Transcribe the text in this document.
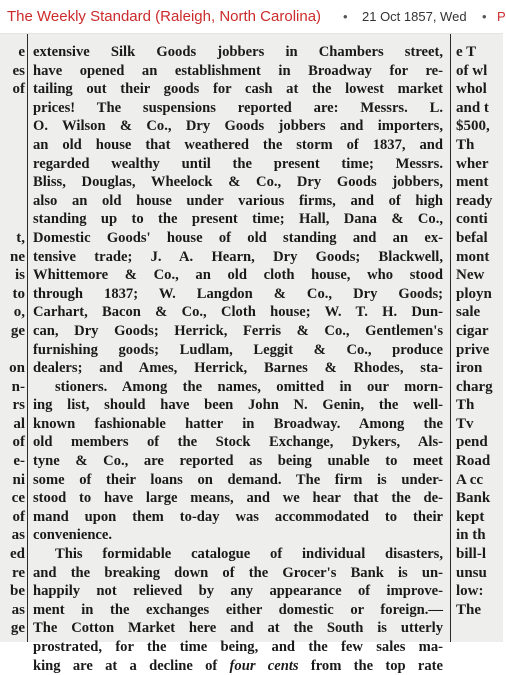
The Weekly Standard (Raleigh, North Carolina) • 21 Oct 1857, Wed • P
e
es
of
t,
ne
is
to
o,
ge
on
n-
rs
al
of
e-
ni
ce
of
as
ed
re
be
as
ge
extensive Silk Goods jobbers in Chambers street,
have opened an establishment in Broadway for re-
tailing out their goods for cash at the lowest market
prices! The suspensions reported are: Messrs. L.
O. Wilson & Co., Dry Goods jobbers and importers,
an old house that weathered the storm of 1837, and
regarded wealthy until the present time; Messrs.
Bliss, Douglas, Wheelock & Co., Dry Goods jobbers,
also an old house under various firms, and of high
standing up to the present time; Hall, Dana & Co.,
Domestic Goods' house of old standing and an ex-
tensive trade; J. A. Hearn, Dry Goods; Blackwell,
Whittemore & Co., an old cloth house, who stood
through 1837; W. Langdon & Co., Dry Goods;
Carhart, Bacon & Co., Cloth house; W. T. H. Dun-
can, Dry Goods; Herrick, Ferris & Co., Gentlemen's
furnishing goods; Ludlam, Leggit & Co., produce
dealers; and Ames, Herrick, Barnes & Rhodes, sta-
stioners. Among the names, omitted in our morn-
ing list, should have been John N. Genin, the well-
known fashionable hatter in Broadway. Among the
old members of the Stock Exchange, Dykers, Als-
tyne & Co., are reported as being unable to meet
some of their loans on demand. The firm is under-
stood to have large means, and we hear that the de-
mand upon them to-day was accommodated to their
convenience.
This formidable catalogue of individual disasters,
and the breaking down of the Grocer's Bank is un-
happily not relieved by any appearance of improve-
ment in the exchanges either domestic or foreign.—
The Cotton Market here and at the South is utterly
prostrated, for the time being, and the few sales ma-
king are at a decline of four cents from the top rate
e T
of wl
whol
and t
$500,
Th
wher
ment
ready
conti
befal
mont
New
ployn
sale
cigar
prive
iron
charg
Th
Tv
pend
Road
A cc
Bank
kept
in th
bill-l
unsu
low:
The
